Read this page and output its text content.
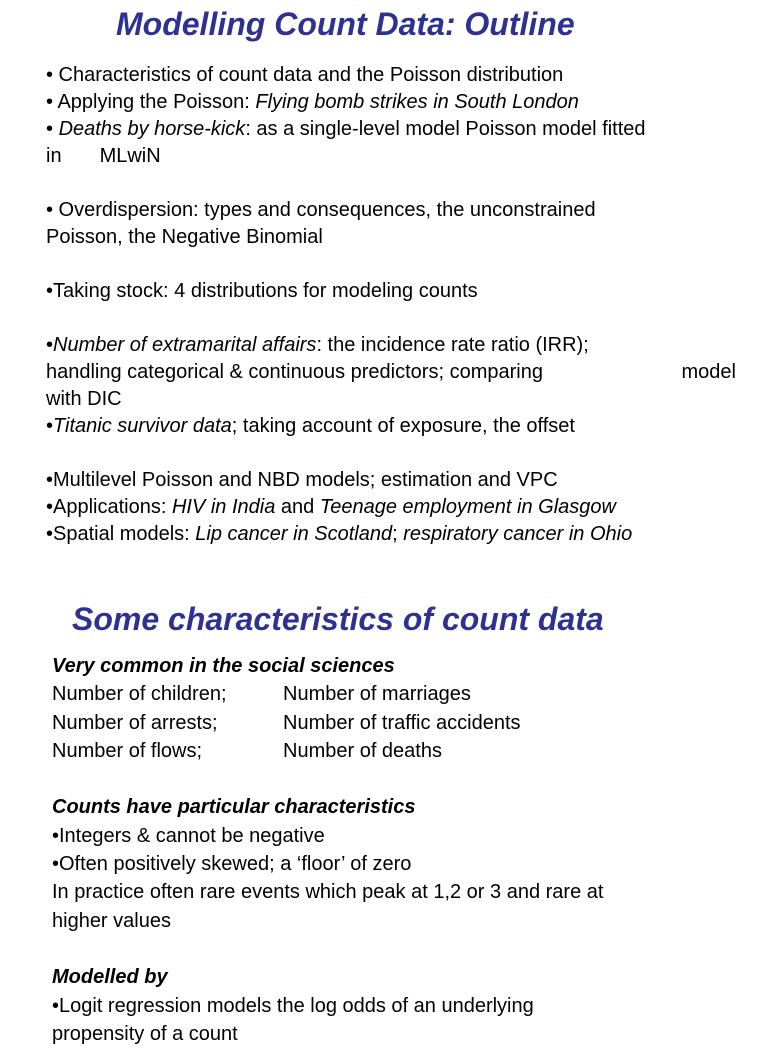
Modelling Count Data: Outline
• Characteristics of count data and the Poisson distribution
• Applying the Poisson: Flying bomb strikes in South London
• Deaths by horse-kick: as a single-level model Poisson model fitted
in MLwiN
• Overdispersion: types and consequences, the unconstrained
Poisson, the Negative Binomial
•Taking stock: 4 distributions for modeling counts
•Number of extramarital affairs: the incidence rate ratio (IRR);
handling categorical & continuous predictors; comparing	model
with DIC
•Titanic survivor data; taking account of exposure, the offset
•Multilevel Poisson and NBD models; estimation and VPC
•Applications: HIV in India and Teenage employment in Glasgow
•Spatial models: Lip cancer in Scotland; respiratory cancer in Ohio
Some characteristics of count data
Very common in the social sciences
Number of children;	Number of marriages
Number of arrests;	Number of traffic accidents
Number of flows;	Number of deaths
Counts have particular characteristics
•Integers & cannot be negative
•Often positively skewed; a ‘floor’ of zero
In practice often rare events which peak at 1,2 or 3 and rare at
higher values
Modelled by
•Logit regression models the log odds of an underlying
propensity of a count
